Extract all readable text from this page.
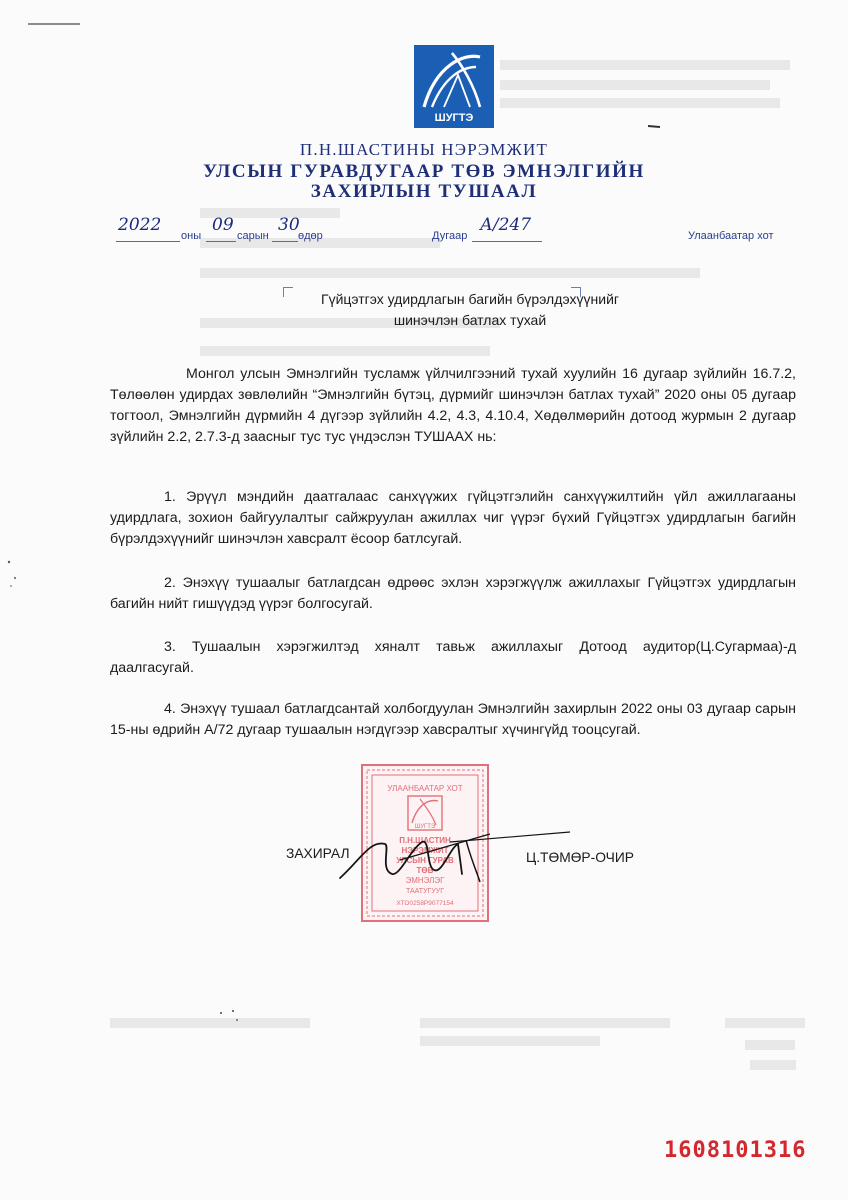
ШУГТЭ
П.Н.ШАСТИНЫ НЭРЭМЖИТ
УЛСЫН ГУРАВДУГААР ТӨВ ЭМНЭЛГИЙН
ЗАХИРЛЫН ТУШААЛ
2022
оны
09
сарын
30
өдөр	Дугаар
А/247
Улаанбаатар хот
Гүйцэтгэх удирдлагын багийн бүрэлдэхүүнийг
шинэчлэн батлах тухай
Монгол улсын Эмнэлгийн тусламж үйлчилгээний тухай хуулийн 16 дугаар зүйлийн 16.7.2, Төлөөлөн удирдах зөвлөлийн “Эмнэлгийн бүтэц, дүрмийг шинэчлэн батлах тухай” 2020 оны 05 дугаар тогтоол, Эмнэлгийн дүрмийн 4 дүгээр зүйлийн 4.2, 4.3, 4.10.4, Хөдөлмөрийн дотоод журмын 2 дугаар зүйлийн 2.2, 2.7.3-д заасныг тус тус үндэслэн ТУШААХ нь:
1. Эрүүл мэндийн даатгалаас санхүүжих гүйцэтгэлийн санхүүжилтийн үйл ажиллагааны удирдлага, зохион байгуулалтыг сайжруулан ажиллах чиг үүрэг бүхий Гүйцэтгэх удирдлагын багийн бүрэлдэхүүнийг шинэчлэн хавсралт ёсоор батлсугай.
2. Энэхүү тушаалыг батлагдсан өдрөөс эхлэн хэрэгжүүлж ажиллахыг Гүйцэтгэх удирдлагын багийн нийт гишүүдэд үүрэг болгосугай.
3. Тушаалын хэрэгжилтэд хяналт тавьж ажиллахыг Дотоод аудитор(Ц.Сугармаа)-д даалгасугай.
4. Энэхүү тушаал батлагдсантай холбогдуулан Эмнэлгийн захирлын 2022 оны 03 дугаар сарын 15-ны өдрийн А/72 дугаар тушаалын нэгдүгээр хавсралтыг хүчингүйд тооцсугай.
УЛААНБААТАР ХОТ
ШУГТЭ
П.Н.ШАСТИН
НЭРЭМЖИТ
УЛСЫН ГУРАВ
ТӨВ
ЭМНЭЛЭГ
ТААТУГУУГ
ХТО0258Р9077154
ЗАХИРАЛ	Ц.ТӨМӨР-ОЧИР
1608101316
